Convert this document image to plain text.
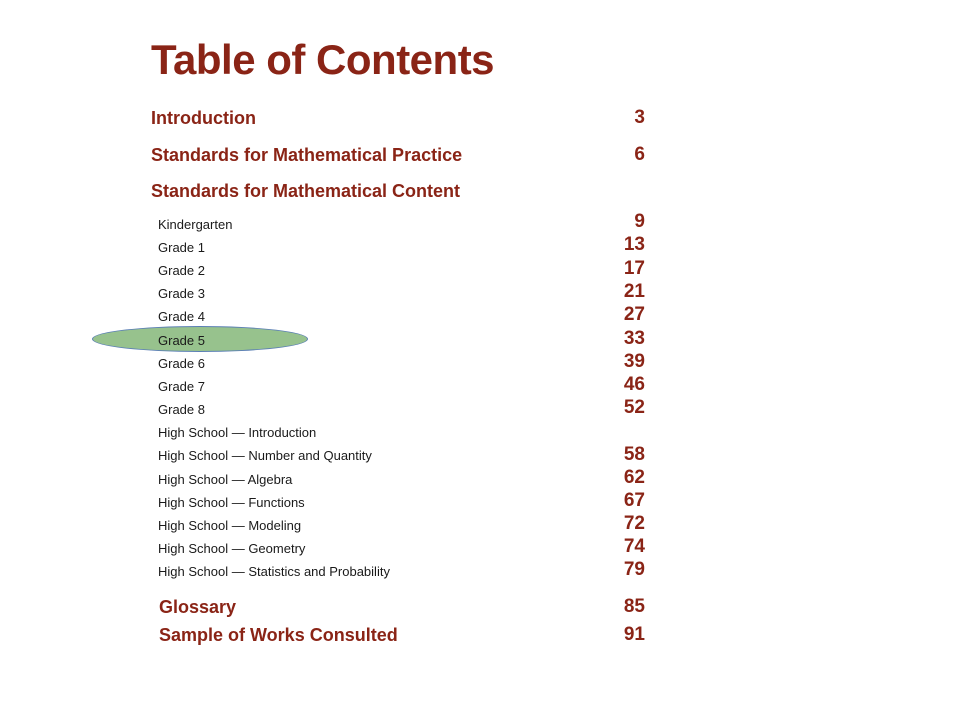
Table of Contents
Introduction	3
Standards for Mathematical Practice	6
Standards for Mathematical Content
Kindergarten	9
Grade 1	13
Grade 2	17
Grade 3	21
Grade 4	27
Grade 5	33
Grade 6	39
Grade 7	46
Grade 8	52
High School — Introduction
High School — Number and Quantity	58
High School — Algebra	62
High School — Functions	67
High School — Modeling	72
High School — Geometry	74
High School — Statistics and Probability	79
Glossary	85
Sample of Works Consulted	91
